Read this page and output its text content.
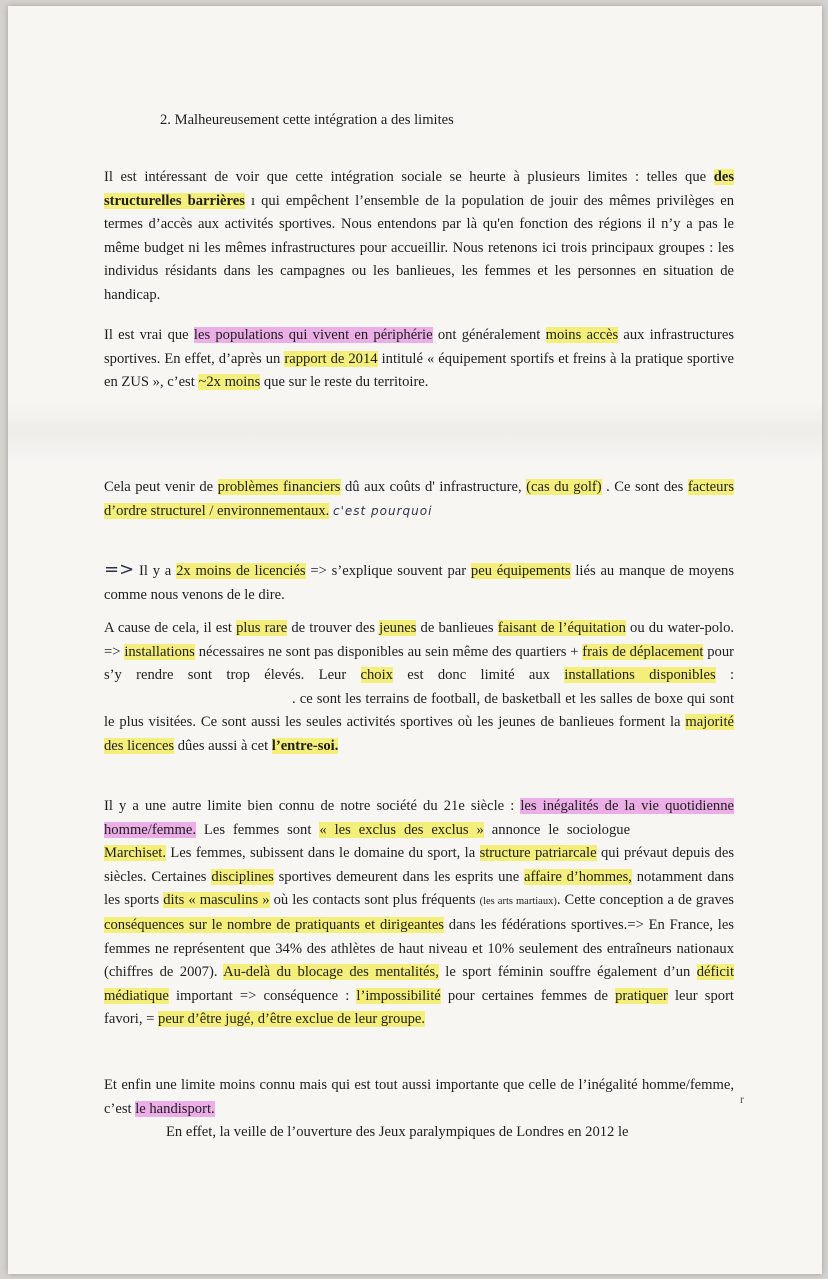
2. Malheureusement cette intégration a des limites
Il est intéressant de voir que cette intégration sociale se heurte à plusieurs limites : telles que des structurelles barrières ı qui empêchent l’ensemble de la population de jouir des mêmes privilèges en termes d’accès aux activités sportives. Nous entendons par là qu'en fonction des régions il n’y a pas le même budget ni les mêmes infrastructures pour accueillir. Nous retenons ici trois principaux groupes : les individus résidants dans les campagnes ou les banlieues, les femmes et les personnes en situation de handicap.
Il est vrai que les populations qui vivent en périphérie ont généralement moins accès aux infrastructures sportives. En effet, d’après un rapport de 2014 intitulé « équipement sportifs et freins à la pratique sportive en ZUS », c’est ~2x moins que sur le reste du territoire.
Cela peut venir de problèmes financiers dû aux coûts d' infrastructure, (cas du golf) . Ce sont des facteurs d’ordre structurel / environnementaux. c'est pourquoi
=> Il y a 2x moins de licenciés => s’explique souvent par peu équipements liés au manque de moyens comme nous venons de le dire.
A cause de cela, il est plus rare de trouver des jeunes de banlieues faisant de l’équitation ou du water-polo. => installations nécessaires ne sont pas disponibles au sein même des quartiers + frais de déplacement pour s’y rendre sont trop élevés. Leur choix est donc limité aux installations disponibles : . ce sont les terrains de football, de basketball et les salles de boxe qui sont le plus visitées. Ce sont aussi les seules activités sportives où les jeunes de banlieues forment la majorité des licences dûes aussi à cet l’entre-soi.
Il y a une autre limite bien connu de notre société du 21e siècle : les inégalités de la vie quotidienne homme/femme. Les femmes sont « les exclus des exclus » annonce le sociologue Marchiset. Les femmes, subissent dans le domaine du sport, la structure patriarcale qui prévaut depuis des siècles. Certaines disciplines sportives demeurent dans les esprits une affaire d’hommes, notamment dans les sports dits « masculins » où les contacts sont plus fréquents (les arts martiaux). Cette conception a de graves conséquences sur le nombre de pratiquants et dirigeantes dans les fédérations sportives.=> En France, les femmes ne représentent que 34% des athlètes de haut niveau et 10% seulement des entraîneurs nationaux (chiffres de 2007). Au-delà du blocage des mentalités, le sport féminin souffre également d’un déficit médiatique important => conséquence : l’impossibilité pour certaines femmes de pratiquer leur sport favori, = peur d’être jugé, d’être exclue de leur groupe.
Et enfin une limite moins connu mais qui est tout aussi importante que celle de l’inégalité homme/femme, c’est le handisport.
En effet, la veille de l’ouverture des Jeux paralympiques de Londres en 2012 le
r
